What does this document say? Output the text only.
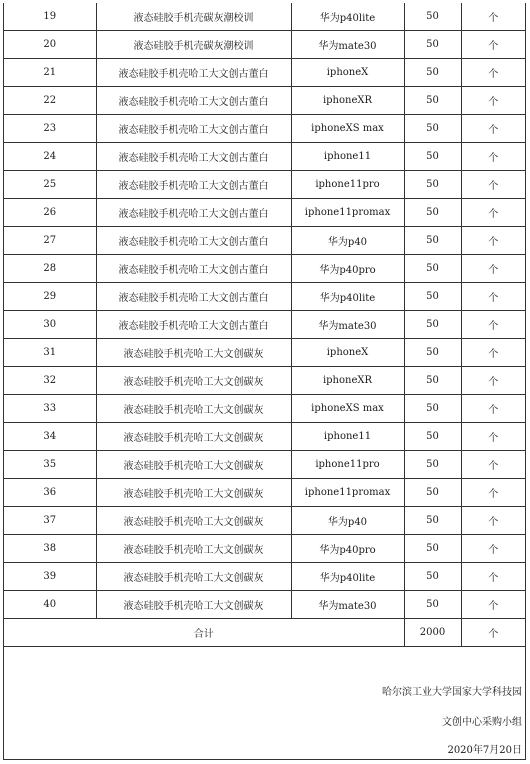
19	液态硅胶手机壳碳灰潮校训	华为p40lite	50	个
20	液态硅胶手机壳碳灰潮校训	华为mate30	50	个
21	液态硅胶手机壳哈工大文创古董白	iphoneX	50	个
22	液态硅胶手机壳哈工大文创古董白	iphoneXR	50	个
23	液态硅胶手机壳哈工大文创古董白	iphoneXS max	50	个
24	液态硅胶手机壳哈工大文创古董白	iphone11	50	个
25	液态硅胶手机壳哈工大文创古董白	iphone11pro	50	个
26	液态硅胶手机壳哈工大文创古董白	iphone11promax	50	个
27	液态硅胶手机壳哈工大文创古董白	华为p40	50	个
28	液态硅胶手机壳哈工大文创古董白	华为p40pro	50	个
29	液态硅胶手机壳哈工大文创古董白	华为p40lite	50	个
30	液态硅胶手机壳哈工大文创古董白	华为mate30	50	个
31	液态硅胶手机壳哈工大文创碳灰	iphoneX	50	个
32	液态硅胶手机壳哈工大文创碳灰	iphoneXR	50	个
33	液态硅胶手机壳哈工大文创碳灰	iphoneXS max	50	个
34	液态硅胶手机壳哈工大文创碳灰	iphone11	50	个
35	液态硅胶手机壳哈工大文创碳灰	iphone11pro	50	个
36	液态硅胶手机壳哈工大文创碳灰	iphone11promax	50	个
37	液态硅胶手机壳哈工大文创碳灰	华为p40	50	个
38	液态硅胶手机壳哈工大文创碳灰	华为p40pro	50	个
39	液态硅胶手机壳哈工大文创碳灰	华为p40lite	50	个
40	液态硅胶手机壳哈工大文创碳灰	华为mate30	50	个
合计			2000	个
哈尔滨工业大学国家大学科技园
文创中心采购小组
2020年7月20日
